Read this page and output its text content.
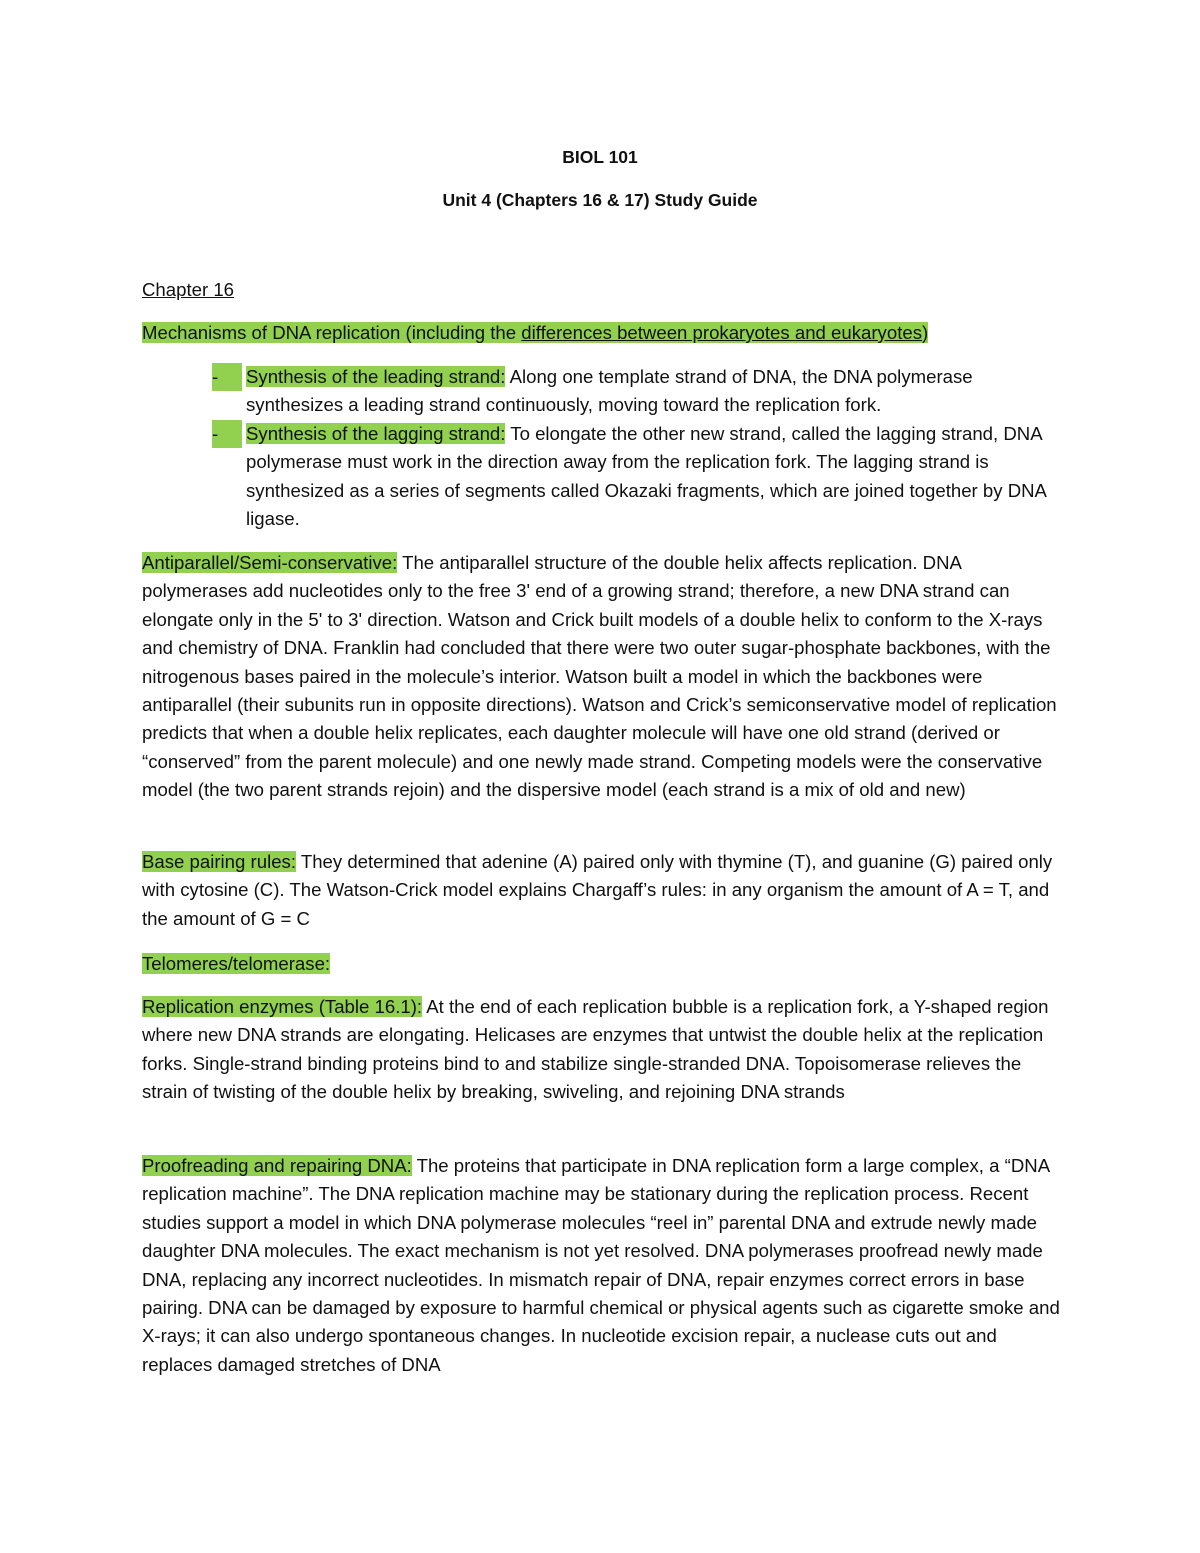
BIOL 101
Unit 4 (Chapters 16 & 17) Study Guide
Chapter 16
Mechanisms of DNA replication (including the differences between prokaryotes and eukaryotes)
-	Synthesis of the leading strand: Along one template strand of DNA, the DNA polymerase synthesizes a leading strand continuously, moving toward the replication fork.
-	Synthesis of the lagging strand: To elongate the other new strand, called the lagging strand, DNA polymerase must work in the direction away from the replication fork. The lagging strand is synthesized as a series of segments called Okazaki fragments, which are joined together by DNA ligase.
Antiparallel/Semi-conservative: The antiparallel structure of the double helix affects replication. DNA polymerases add nucleotides only to the free 3' end of a growing strand; therefore, a new DNA strand can elongate only in the 5' to 3' direction. Watson and Crick built models of a double helix to conform to the X-rays and chemistry of DNA. Franklin had concluded that there were two outer sugar-phosphate backbones, with the nitrogenous bases paired in the molecule’s interior. Watson built a model in which the backbones were antiparallel (their subunits run in opposite directions). Watson and Crick’s semiconservative model of replication predicts that when a double helix replicates, each daughter molecule will have one old strand (derived or “conserved” from the parent molecule) and one newly made strand. Competing models were the conservative model (the two parent strands rejoin) and the dispersive model (each strand is a mix of old and new)
Base pairing rules: They determined that adenine (A) paired only with thymine (T), and guanine (G) paired only with cytosine (C). The Watson-Crick model explains Chargaff’s rules: in any organism the amount of A = T, and the amount of G = C
Telomeres/telomerase:
Replication enzymes (Table 16.1): At the end of each replication bubble is a replication fork, a Y-shaped region where new DNA strands are elongating. Helicases are enzymes that untwist the double helix at the replication forks. Single-strand binding proteins bind to and stabilize single-stranded DNA. Topoisomerase relieves the strain of twisting of the double helix by breaking, swiveling, and rejoining DNA strands
Proofreading and repairing DNA: The proteins that participate in DNA replication form a large complex, a “DNA replication machine”. The DNA replication machine may be stationary during the replication process. Recent studies support a model in which DNA polymerase molecules “reel in” parental DNA and extrude newly made daughter DNA molecules. The exact mechanism is not yet resolved. DNA polymerases proofread newly made DNA, replacing any incorrect nucleotides. In mismatch repair of DNA, repair enzymes correct errors in base pairing. DNA can be damaged by exposure to harmful chemical or physical agents such as cigarette smoke and X-rays; it can also undergo spontaneous changes. In nucleotide excision repair, a nuclease cuts out and replaces damaged stretches of DNA
